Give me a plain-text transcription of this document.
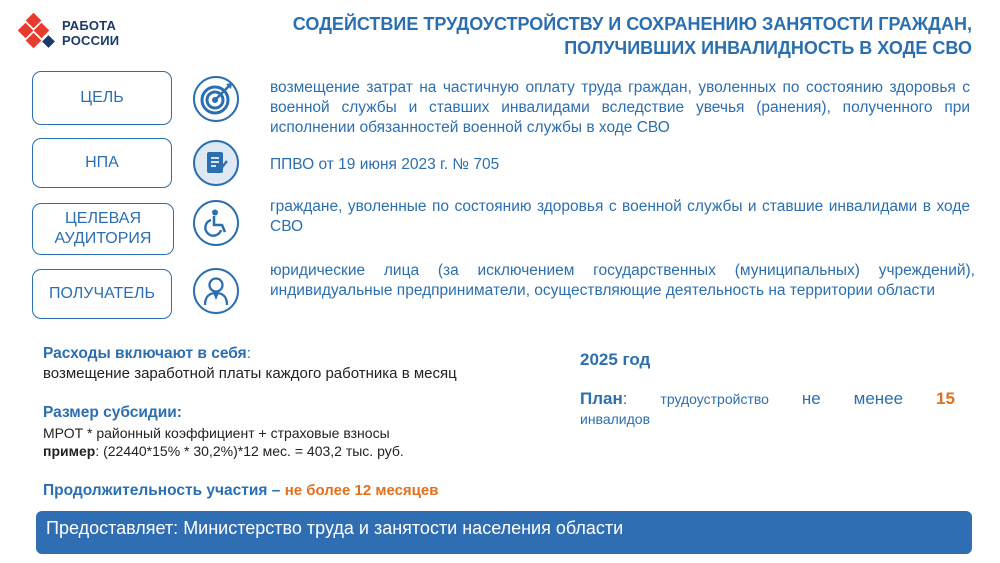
РАБОТА
РОССИИ
СОДЕЙСТВИЕ ТРУДОУСТРОЙСТВУ И СОХРАНЕНИЮ ЗАНЯТОСТИ ГРАЖДАН,
ПОЛУЧИВШИХ ИНВАЛИДНОСТЬ В ХОДЕ СВО
ЦЕЛЬ
возмещение затрат на частичную оплату труда граждан, уволенных по состоянию здоровья с военной службы и ставших инвалидами вследствие увечья (ранения), полученного при исполнении обязанностей военной службы в ходе СВО
НПА	ППВО от 19 июня 2023 г. № 705
ЦЕЛЕВАЯ АУДИТОРИЯ
граждане, уволенные по состоянию здоровья с военной службы и ставшие инвалидами в ходе СВО
ПОЛУЧАТЕЛЬ
юридические лица (за исключением государственных (муниципальных) учреждений), индивидуальные предприниматели, осуществляющие деятельность на территории области
Расходы включают в себя:
возмещение заработной платы каждого работника в месяц
Размер субсидии:
МРОТ * районный коэффициент + страховые взносы
пример: (22440*15% * 30,2%)*12 мес. = 403,2 тыс. руб.
Продолжительность участия – не более 12 месяцев
2025 год
План: трудоустройство не менее 15
инвалидов
Предоставляет: Министерство труда и занятости населения области
